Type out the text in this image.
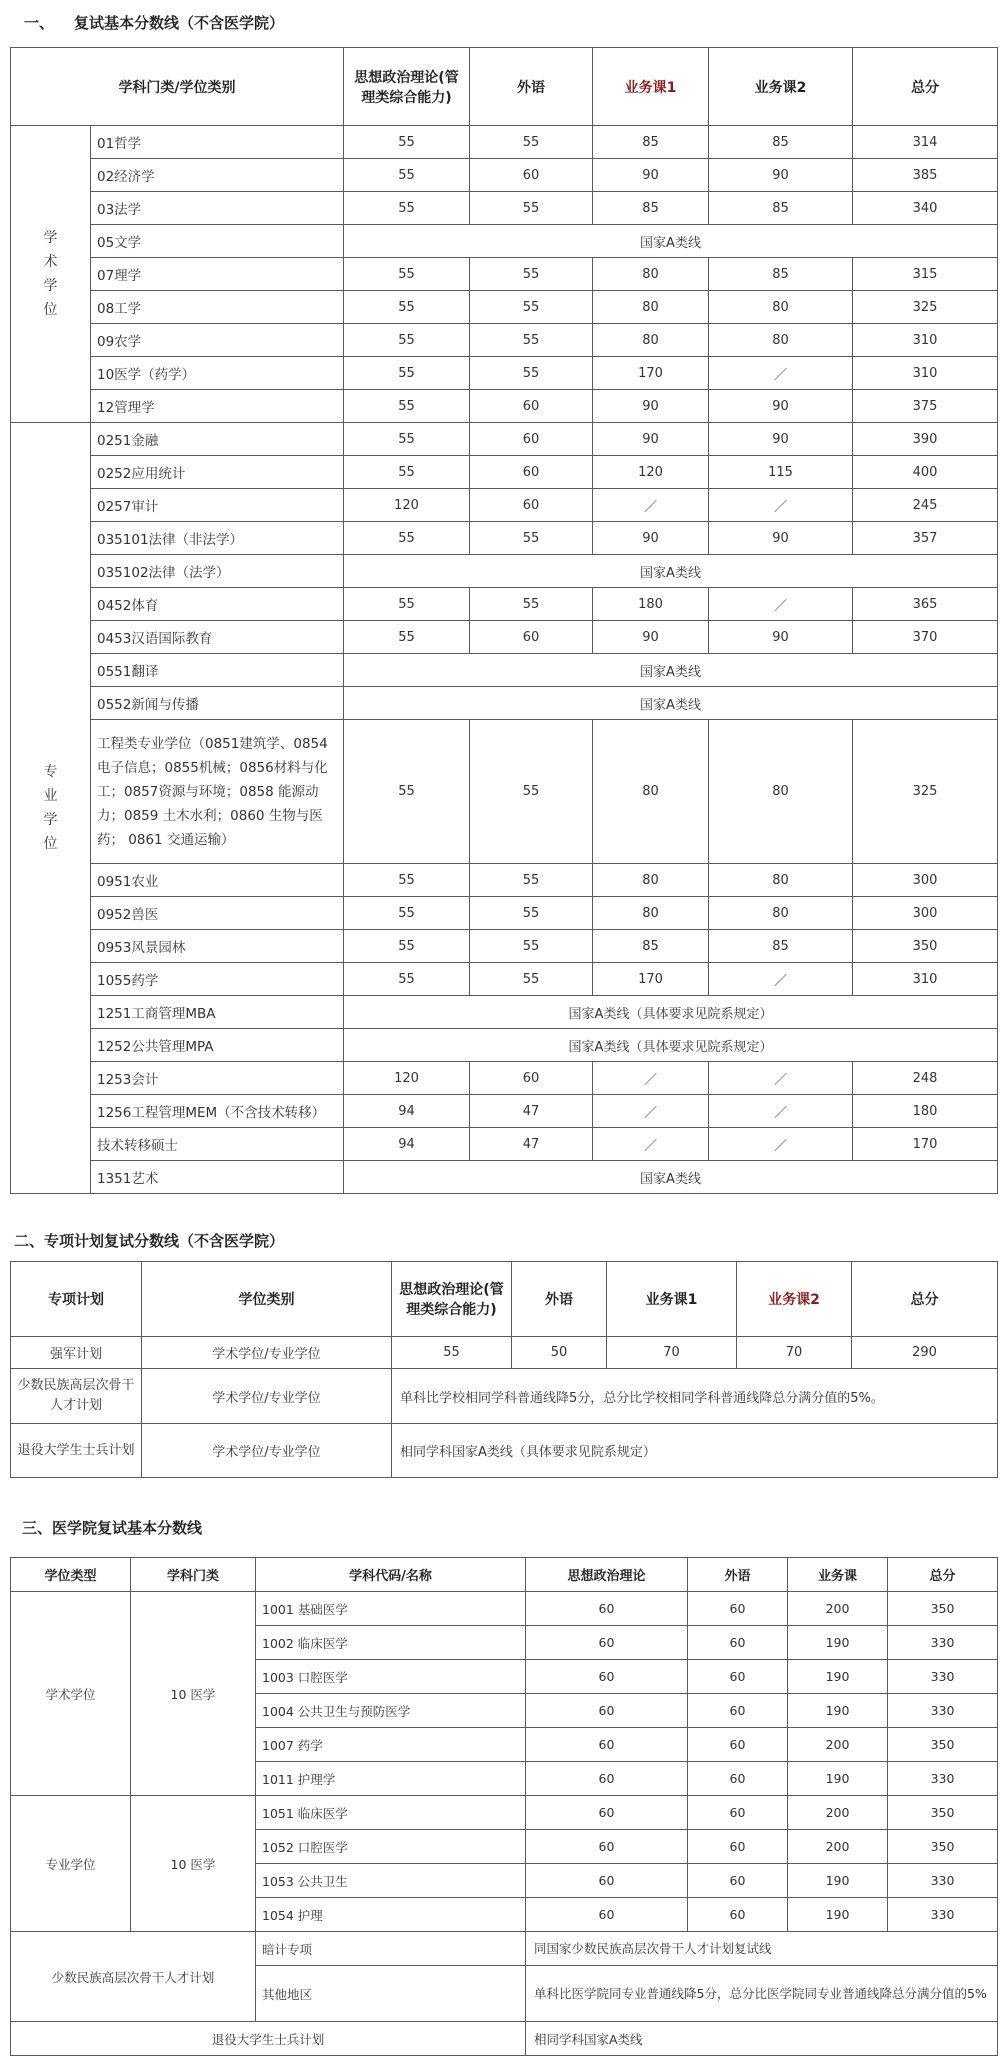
一、 复试基本分数线（不含医学院）
学科门类/学位类别		思想政治理论(管理类综合能力)	外语	业务课1	业务课2	总分

学
术
学
位	01哲学	55	55	85	85	314
	02经济学	55	60	90	90	385
	03法学	55	55	85	85	340
	05文学	国家A类线				
	07理学	55	55	80	85	315
	08工学	55	55	80	80	325
	09农学	55	55	80	80	310
	10医学（药学）	55	55	170	／	310
	12管理学	55	60	90	90	375

专
业
学
位	0251金融	55	60	90	90	390
	0252应用统计	55	60	120	115	400
	0257审计	120	60	／	／	245
	035101法律（非法学）	55	55	90	90	357
	035102法律（法学）	国家A类线				
	0452体育	55	55	180	／	365
	0453汉语国际教育	55	60	90	90	370
	0551翻译	国家A类线				
	0552新闻与传播	国家A类线				
	工程类专业学位（0851建筑学、0854电子信息；0855机械；0856材料与化工；0857资源与环境；0858 能源动力；0859 土木水利；0860 生物与医药； 0861 交通运输）	55	55	80	80	325
	0951农业	55	55	80	80	300
	0952兽医	55	55	80	80	300
	0953风景园林	55	55	85	85	350
	1055药学	55	55	170	／	310
	1251工商管理MBA	国家A类线（具体要求见院系规定）				
	1252公共管理MPA	国家A类线（具体要求见院系规定）				
	1253会计	120	60	／	／	248
	1256工程管理MEM（不含技术转移）	94	47	／	／	180
	技术转移硕士	94	47	／	／	170
	1351艺术	国家A类线				
二、专项计划复试分数线（不含医学院）
专项计划	学位类别	思想政治理论(管理类综合能力)	外语	业务课1	业务课2	总分
强军计划	学术学位/专业学位	55	50	70	70	290
少数民族高层次骨干人才计划	学术学位/专业学位	单科比学校相同学科普通线降5分，总分比学校相同学科普通线降总分满分值的5%。				
退役大学生士兵计划	学术学位/专业学位	相同学科国家A类线（具体要求见院系规定）				
三、医学院复试基本分数线
学位类型	学科门类	学科代码/名称	思想政治理论	外语	业务课	总分
学术学位	10 医学	1001 基础医学	60	60	200	350
		1002 临床医学	60	60	190	330
		1003 口腔医学	60	60	190	330
		1004 公共卫生与预防医学	60	60	190	330
		1007 药学	60	60	200	350
		1011 护理学	60	60	190	330
专业学位	10 医学	1051 临床医学	60	60	200	350
		1052 口腔医学	60	60	200	350
		1053 公共卫生	60	60	190	330
		1054 护理	60	60	190	330
少数民族高层次骨干人才计划		暗计专项	同国家少数民族高层次骨干人才计划复试线			
		其他地区	单科比医学院同专业普通线降5分，总分比医学院同专业普通线降总分满分值的5%			
退役大学生士兵计划			相同学科国家A类线			
